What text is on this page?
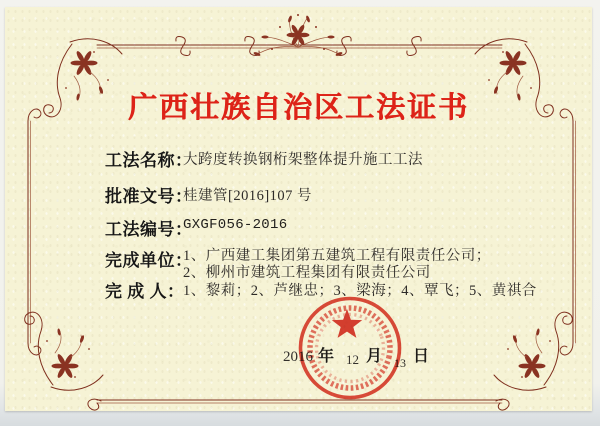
广西壮族自治区工法证书
工法名称：大跨度转换钢桁架整体提升施工工法
批准文号：桂建管[2016]107 号
工法编号：GXGF056-2016
完成单位：
1、广西建工集团第五建筑工程有限责任公司；
2、柳州市建筑工程集团有限责任公司
完 成 人：1、黎莉；2、芦继忠；3、梁海；4、覃飞；5、黄祺合
2016 年 12 月 13 日
